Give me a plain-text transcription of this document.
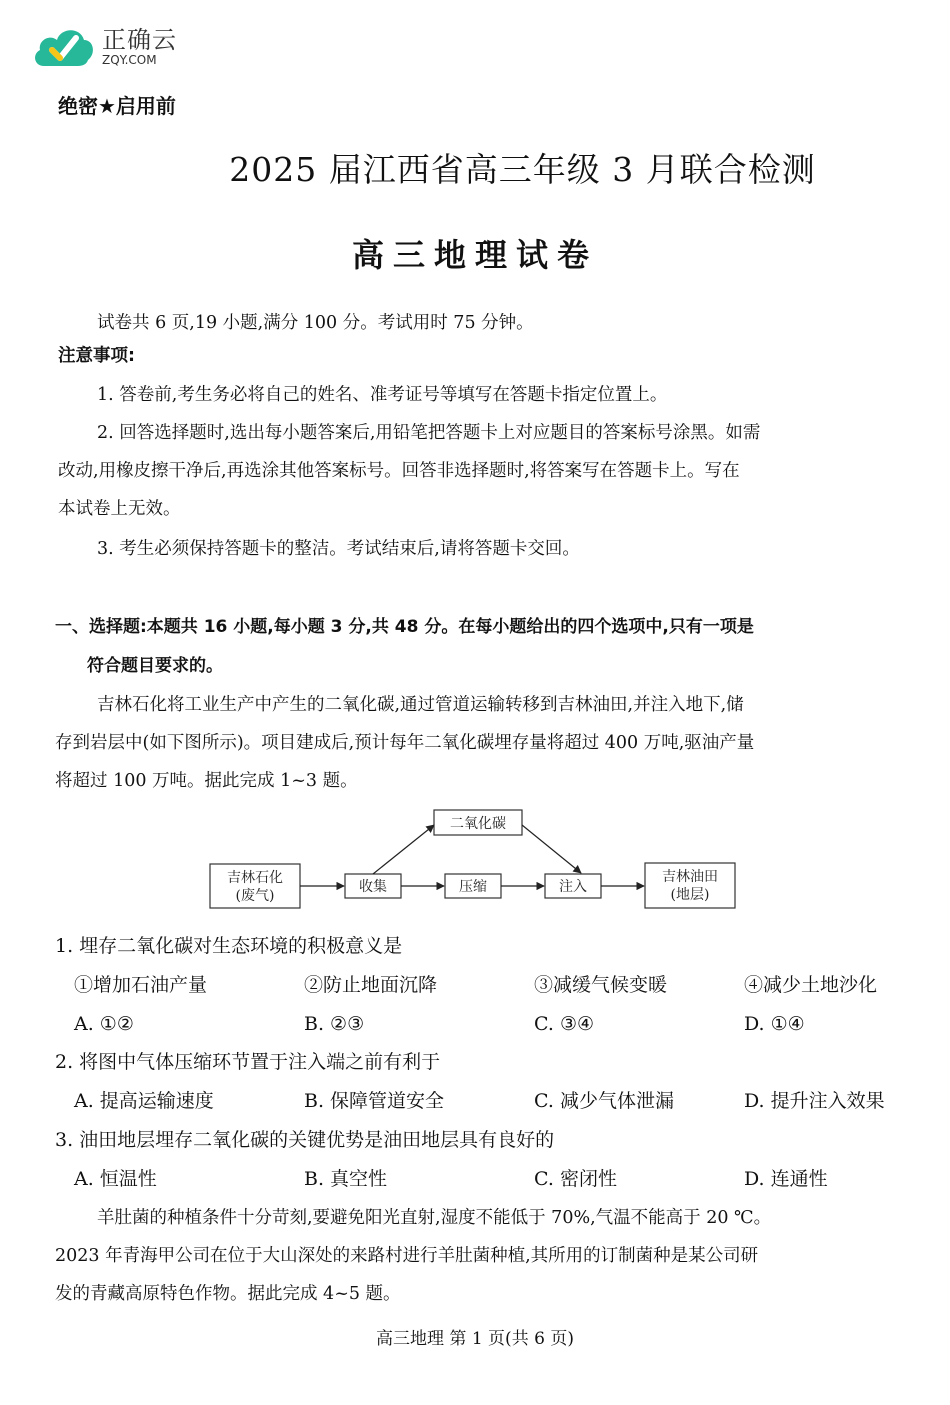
正确云
ZQY.COM
绝密★启用前
2025 届江西省高三年级 3 月联合检测
高三地理试卷
试卷共 6 页,19 小题,满分 100 分。考试用时 75 分钟。
注意事项:
1. 答卷前,考生务必将自己的姓名、准考证号等填写在答题卡指定位置上。
2. 回答选择题时,选出每小题答案后,用铅笔把答题卡上对应题目的答案标号涂黑。如需
改动,用橡皮擦干净后,再选涂其他答案标号。回答非选择题时,将答案写在答题卡上。写在
本试卷上无效。
3. 考生必须保持答题卡的整洁。考试结束后,请将答题卡交回。
一、选择题:本题共 16 小题,每小题 3 分,共 48 分。在每小题给出的四个选项中,只有一项是
符合题目要求的。
吉林石化将工业生产中产生的二氧化碳,通过管道运输转移到吉林油田,并注入地下,储
存到岩层中(如下图所示)。项目建成后,预计每年二氧化碳埋存量将超过 400 万吨,驱油产量
将超过 100 万吨。据此完成 1~3 题。
吉林石化
(废气)
收集
二氧化碳
压缩	注入
吉林油田
(地层)
1. 埋存二氧化碳对生态环境的积极意义是
①增加石油产量	②防止地面沉降	③减缓气候变暖	④减少土地沙化
A. ①②	B. ②③	C. ③④	D. ①④
2. 将图中气体压缩环节置于注入端之前有利于
A. 提高运输速度	B. 保障管道安全	C. 减少气体泄漏	D. 提升注入效果
3. 油田地层埋存二氧化碳的关键优势是油田地层具有良好的
A. 恒温性	B. 真空性	C. 密闭性	D. 连通性
羊肚菌的种植条件十分苛刻,要避免阳光直射,湿度不能低于 70%,气温不能高于 20 ℃。
2023 年青海甲公司在位于大山深处的来路村进行羊肚菌种植,其所用的订制菌种是某公司研
发的青藏高原特色作物。据此完成 4~5 题。
高三地理 第 1 页(共 6 页)
